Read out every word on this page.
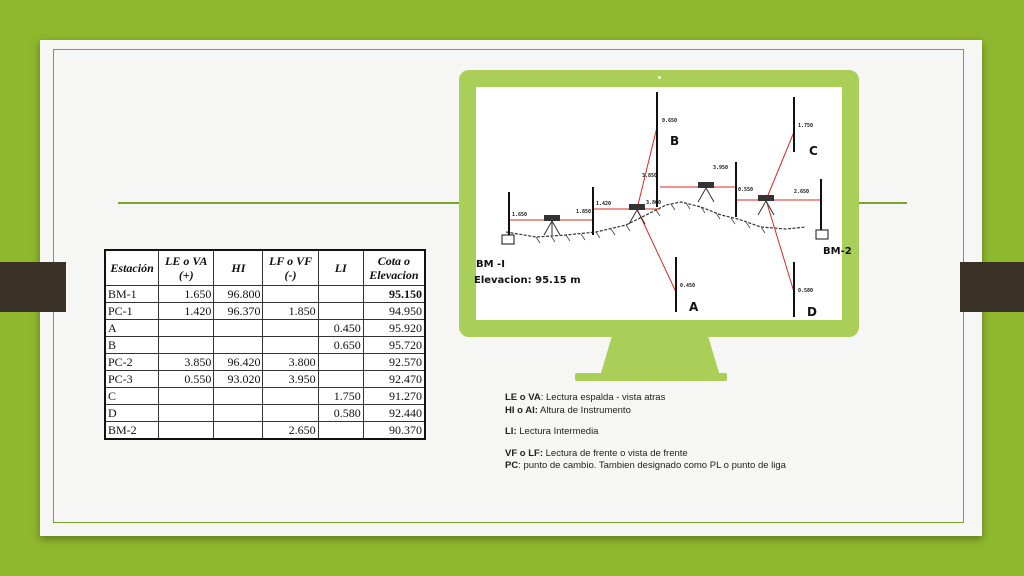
Estación	LE o VA (+)	HI	LF o VF (-)	LI	Cota o Elevacion
BM-1	1.650	96.800			95.150
PC-1	1.420	96.370	1.850		94.950
A				0.450	95.920
B				0.650	95.720
PC-2	3.850	96.420	3.800		92.570
PC-3	0.550	93.020	3.950		92.470
C				1.750	91.270
D				0.580	92.440
BM-2			2.650		90.370
1.650	1.850
1.420	3.800
3.850
3.950
0.550	2.650
0.650
0.450
1.750
0.580
B
A
C
D
BM -I
Elevacion: 95.15 m
BM-2
LE o VA: Lectura espalda - vista atras
HI o AI: Altura de Instrumento
LI: Lectura Intermedia
VF o LF: Lectura de frente o vista de frente
PC: punto de cambio. Tambien designado como PL o punto de liga
